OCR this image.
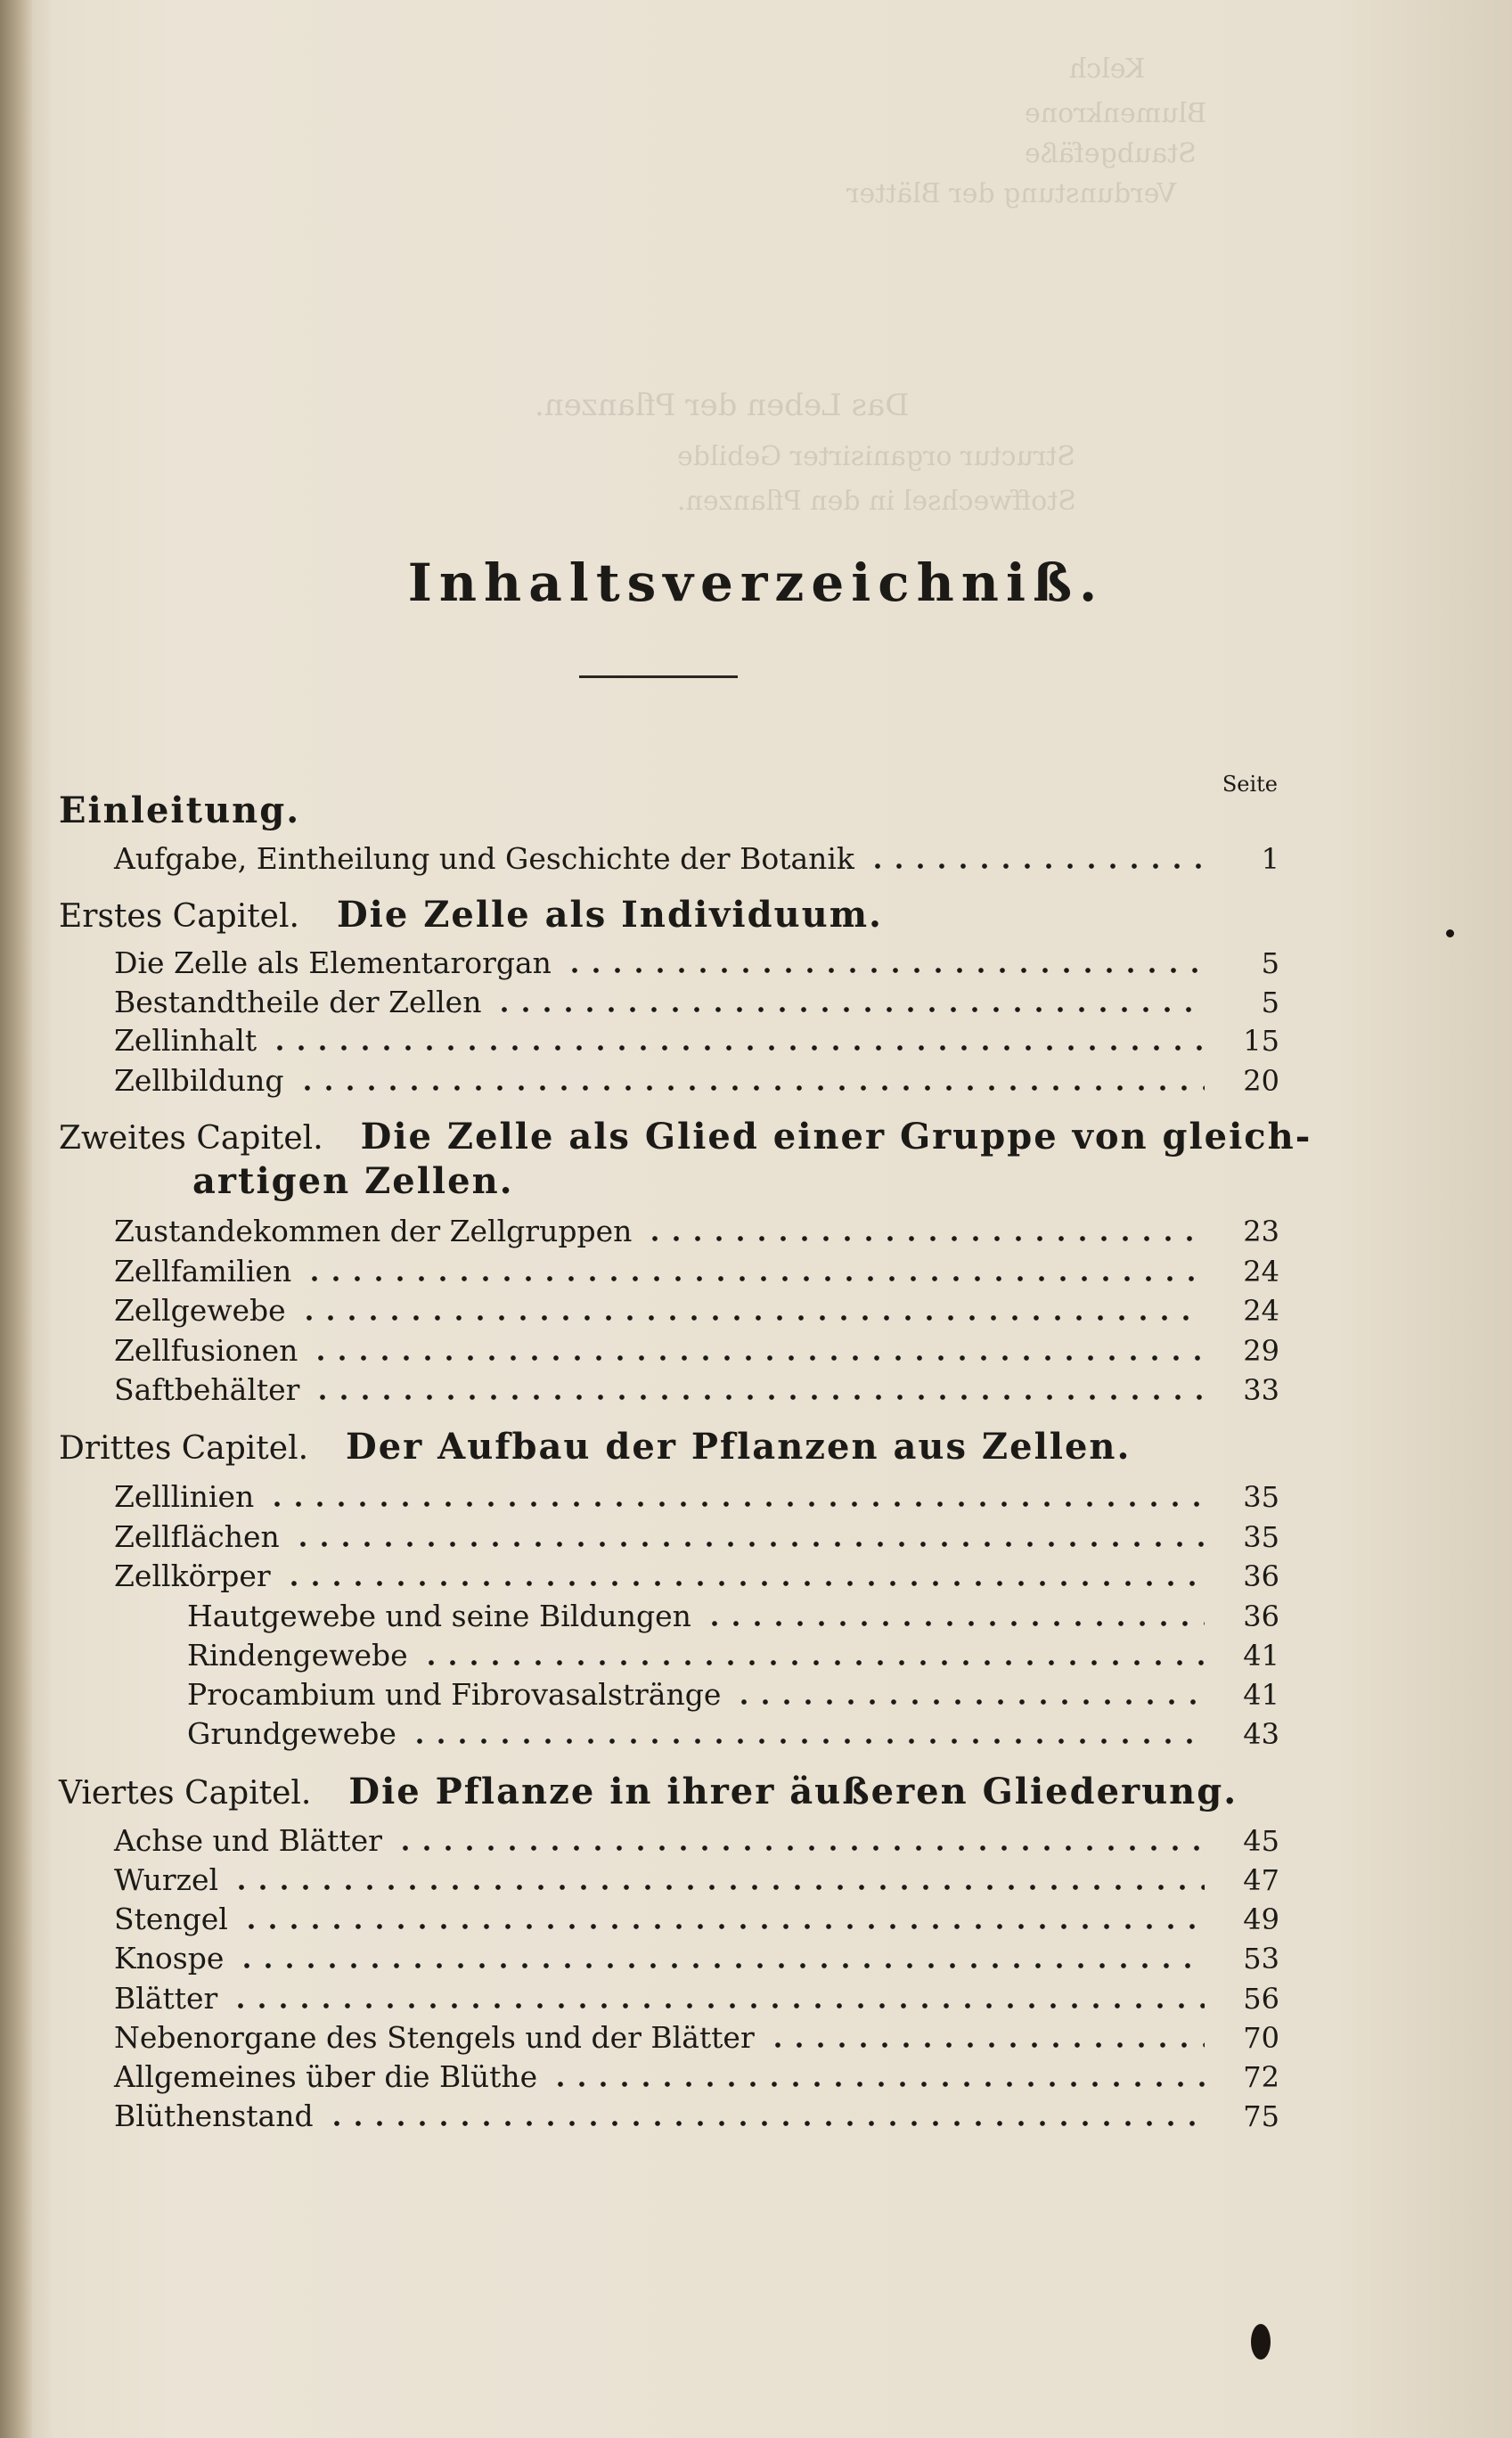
Kelch
Blumenkrone
Staubgefäße
Verdunstung der Blätter
Das Leben der Pflanzen.
Structur organisirter Gebilde
Stoffwechsel in den Pflanzen.
Inhaltsverzeichniß.
Seite
Einleitung.
Aufgabe, Eintheilung und Geschichte der Botanik	1
Erstes Capitel. Die Zelle als Individuum.
Die Zelle als Elementarorgan	5
Bestandtheile der Zellen	5
Zellinhalt	15
Zellbildung	20
Zweites Capitel. Die Zelle als Glied einer Gruppe von gleich-
artigen Zellen.
Zustandekommen der Zellgruppen	23
Zellfamilien	24
Zellgewebe	24
Zellfusionen	29
Saftbehälter	33
Drittes Capitel. Der Aufbau der Pflanzen aus Zellen.
Zelllinien	35
Zellflächen	35
Zellkörper	36
Hautgewebe und seine Bildungen	36
Rindengewebe	41
Procambium und Fibrovasalstränge	41
Grundgewebe	43
Viertes Capitel. Die Pflanze in ihrer äußeren Gliederung.
Achse und Blätter	45
Wurzel	47
Stengel	49
Knospe	53
Blätter	56
Nebenorgane des Stengels und der Blätter	70
Allgemeines über die Blüthe	72
Blüthenstand	75
